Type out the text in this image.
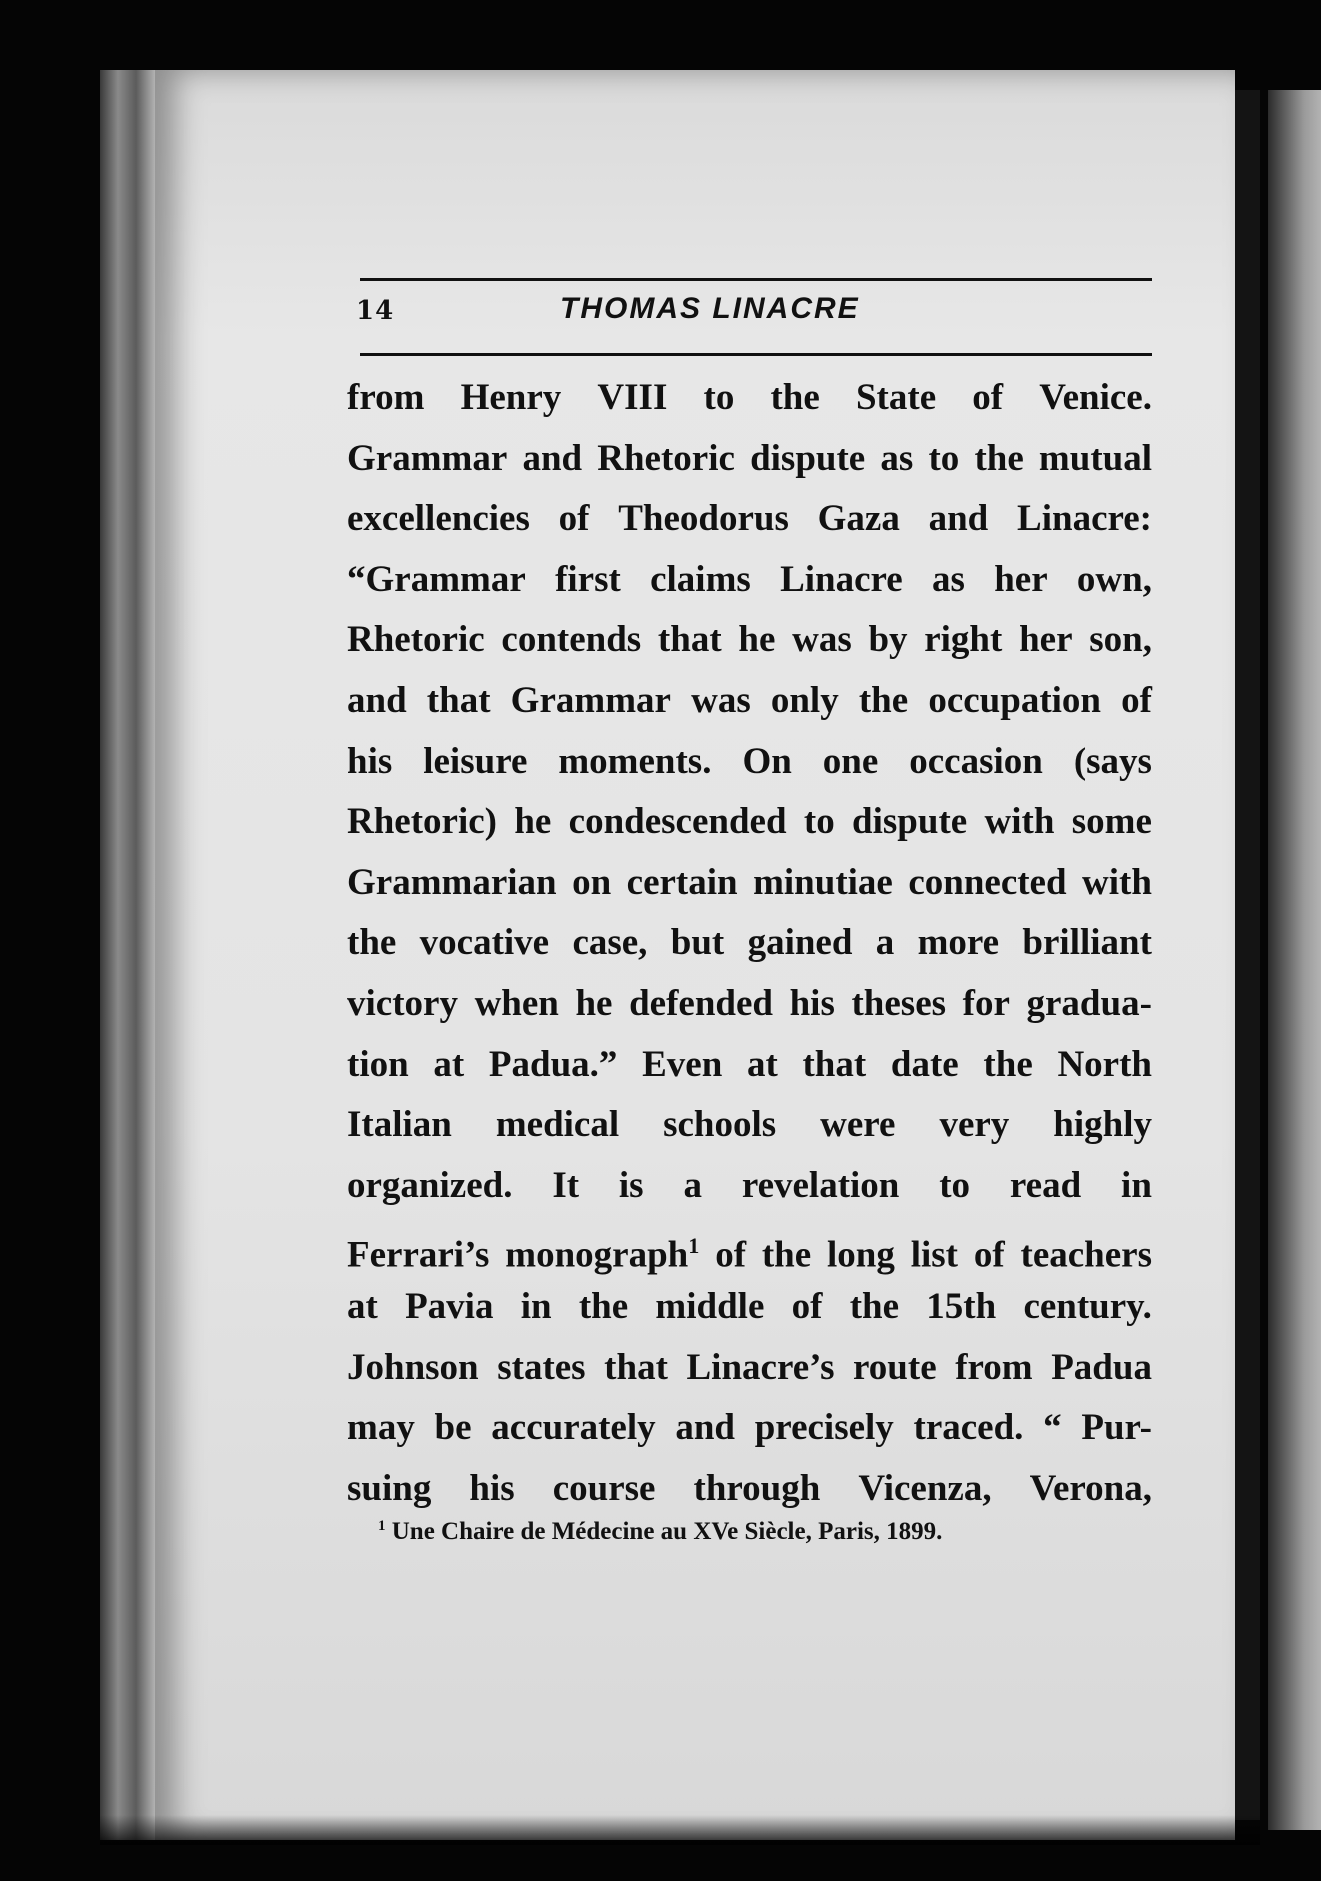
14	THOMAS LINACRE
from Henry VIII to the State of Venice.
Grammar and Rhetoric dispute as to the mutual
excellencies of Theodorus Gaza and Linacre:
“Grammar first claims Linacre as her own,
Rhetoric contends that he was by right her son,
and that Grammar was only the occupation of
his leisure moments. On one occasion (says
Rhetoric) he condescended to dispute with some
Grammarian on certain minutiae connected with
the vocative case, but gained a more brilliant
victory when he defended his theses for gradua-
tion at Padua.” Even at that date the North
Italian medical schools were very highly
organized. It is a revelation to read in
Ferrari’s monograph$^1$ of the long list of teachers
at Pavia in the middle of the 15th century.
Johnson states that Linacre’s route from Padua
may be accurately and precisely traced. “ Pur-
suing his course through Vicenza, Verona,
$^1$ Une Chaire de Médecine au XVe Siècle, Paris, 1899.
